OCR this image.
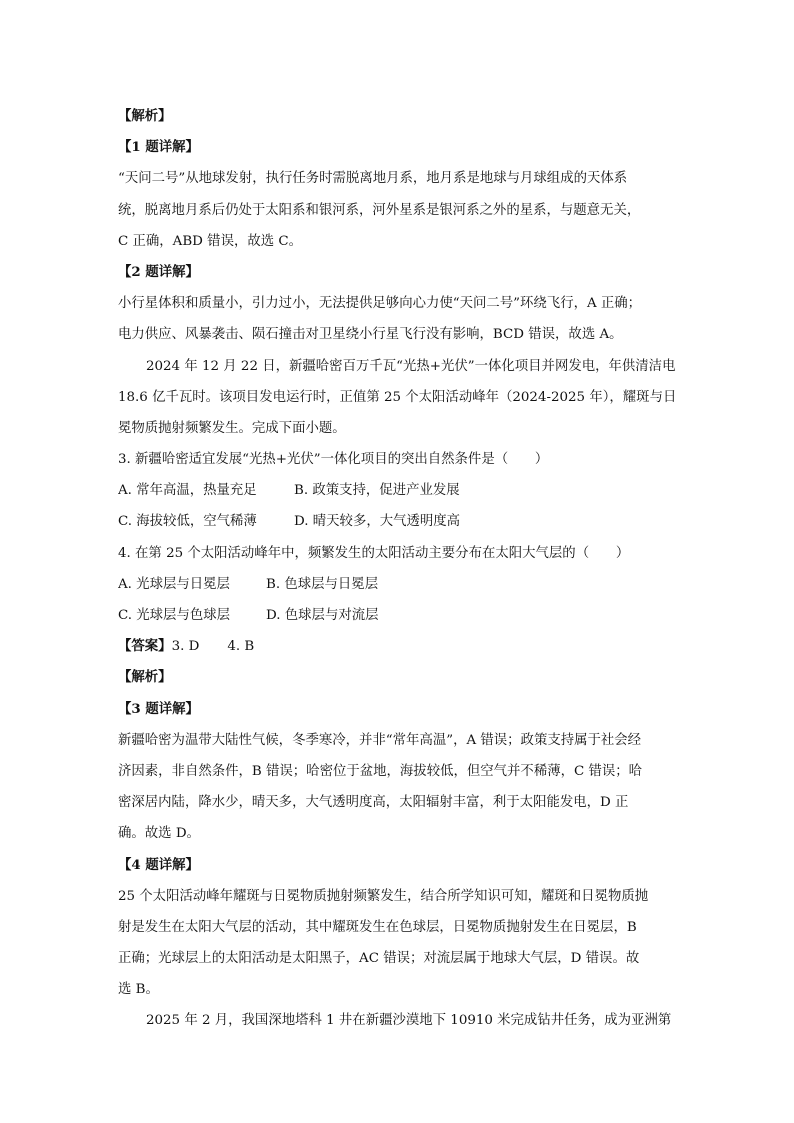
【解析】
【1 题详解】
“天问二号”从地球发射，执行任务时需脱离地月系，地月系是地球与月球组成的天体系
统，脱离地月系后仍处于太阳系和银河系，河外星系是银河系之外的星系，与题意无关，
C 正确，ABD 错误，故选 C。
【2 题详解】
小行星体积和质量小，引力过小，无法提供足够向心力使“天问二号”环绕飞行，A 正确；
电力供应、风暴袭击、陨石撞击对卫星绕小行星飞行没有影响，BCD 错误，故选 A。
2024 年 12 月 22 日，新疆哈密百万千瓦“光热+光伏”一体化项目并网发电，年供清洁电
18.6 亿千瓦时。该项目发电运行时，正值第 25 个太阳活动峰年（2024-2025 年），耀斑与日
冕物质抛射频繁发生。完成下面小题。
3. 新疆哈密适宜发展“光热+光伏”一体化项目的突出自然条件是（　　）
A. 常年高温，热量充足	B. 政策支持，促进产业发展
C. 海拔较低，空气稀薄	D. 晴天较多，大气透明度高
4. 在第 25 个太阳活动峰年中，频繁发生的太阳活动主要分布在太阳大气层的（　　）
A. 光球层与日冕层	B. 色球层与日冕层
C. 光球层与色球层	D. 色球层与对流层
【答案】3. D 4. B
【解析】
【3 题详解】
新疆哈密为温带大陆性气候，冬季寒冷，并非“常年高温”，A 错误；政策支持属于社会经
济因素，非自然条件，B 错误；哈密位于盆地，海拔较低，但空气并不稀薄，C 错误；哈
密深居内陆，降水少，晴天多，大气透明度高，太阳辐射丰富，利于太阳能发电，D 正
确。故选 D。
【4 题详解】
25 个太阳活动峰年耀斑与日冕物质抛射频繁发生，结合所学知识可知，耀斑和日冕物质抛
射是发生在太阳大气层的活动，其中耀斑发生在色球层，日冕物质抛射发生在日冕层，B
正确；光球层上的太阳活动是太阳黑子，AC 错误；对流层属于地球大气层，D 错误。故
选 B。
2025 年 2 月，我国深地塔科 1 井在新疆沙漠地下 10910 米完成钻井任务，成为亚洲第
